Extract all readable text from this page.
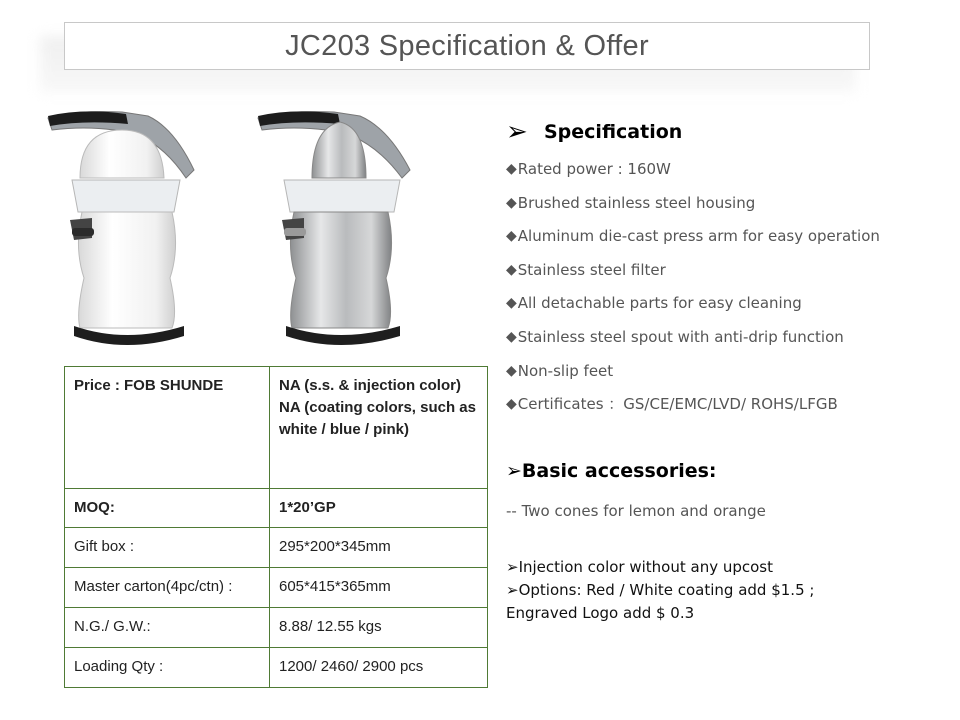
JC203 Specification & Offer
Price : FOB SHUNDE	NA (s.s. & injection color)
NA (coating colors, such as white / blue / pink)

MOQ:	1*20’GP
Gift box :	295*200*345mm
Master carton(4pc/ctn) :	605*415*365mm
N.G./ G.W.:	8.88/ 12.55 kgs
Loading Qty :	1200/ 2460/ 2900 pcs
➢ Specification
◆ Rated power : 160W
◆ Brushed stainless steel housing
◆ Aluminum die-cast press arm for easy operation
◆ Stainless steel filter
◆ All detachable parts for easy cleaning
◆ Stainless steel spout with anti-drip function
◆ Non-slip feet
◆ Certificates ：GS/CE/EMC/LVD/ ROHS/LFGB
➢Basic accessories:
-- Two cones for lemon and orange
➢Injection color without any upcost
➢Options: Red / White coating add $1.5 ;
Engraved Logo add $ 0.3
